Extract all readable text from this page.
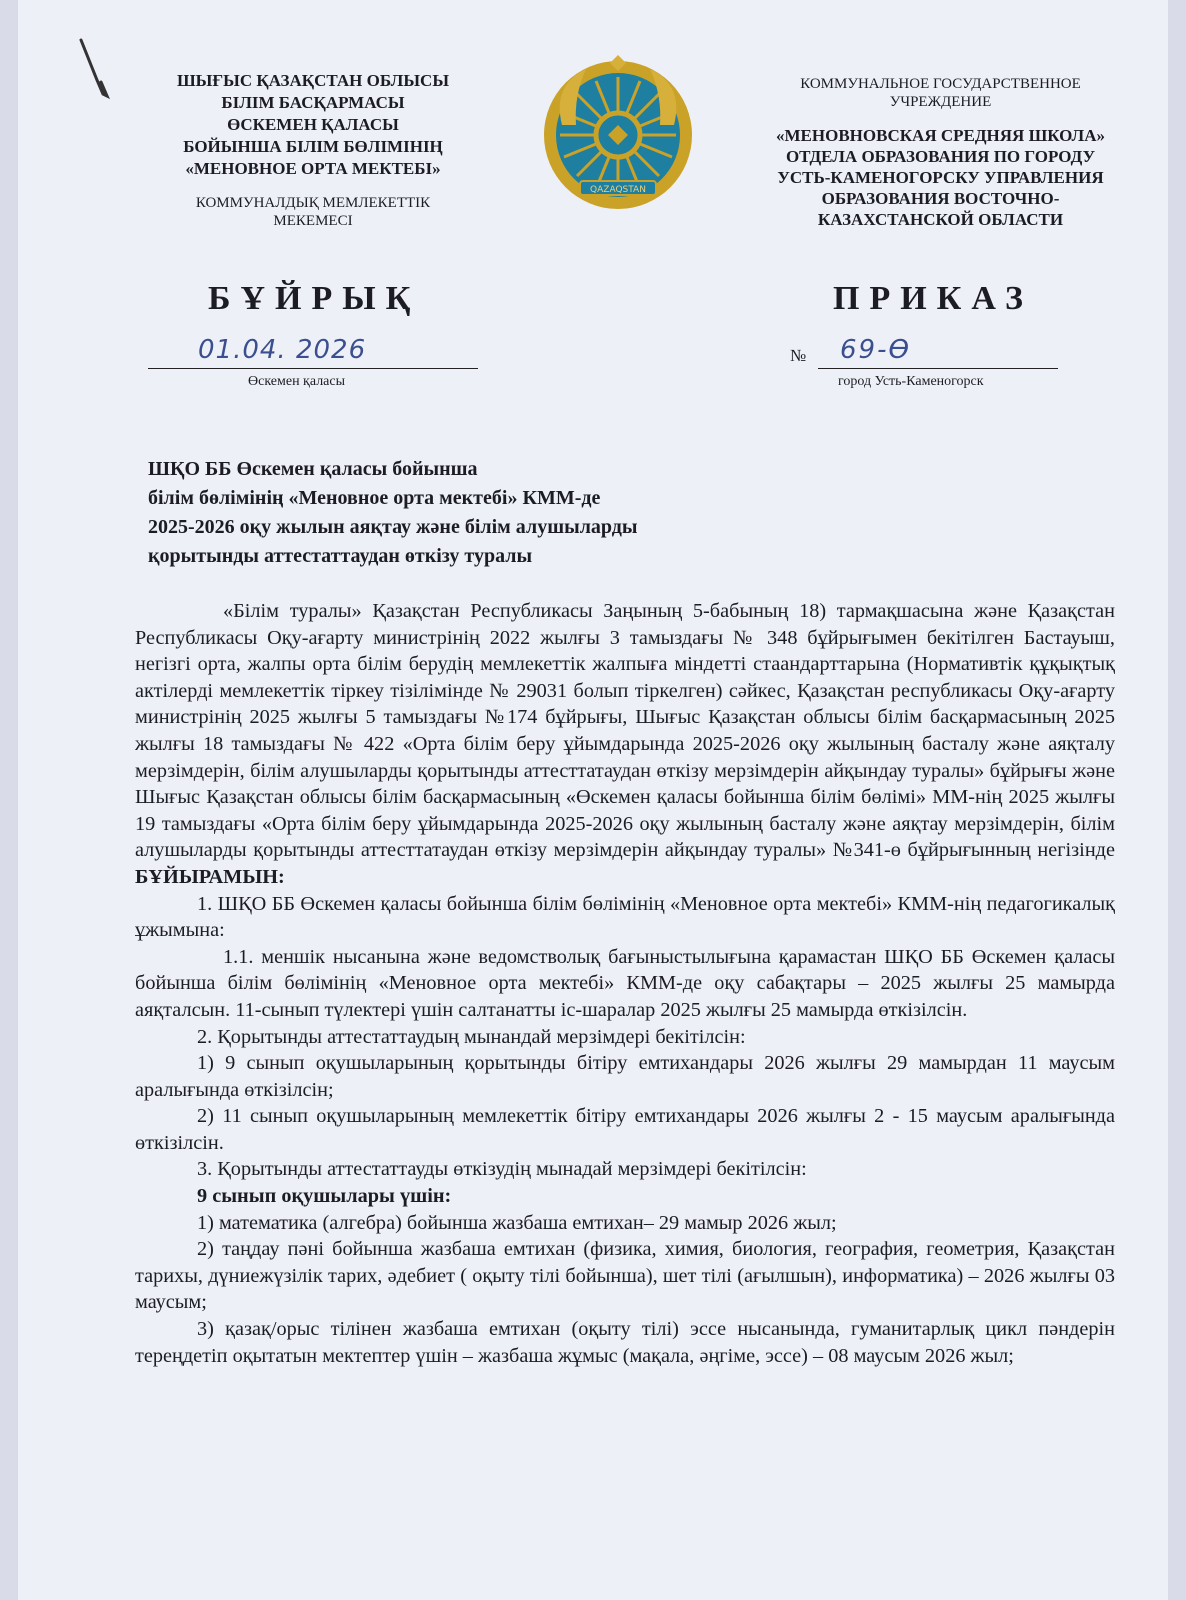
ШЫҒЫС ҚАЗАҚСТАН ОБЛЫСЫ
БІЛІМ БАСҚАРМАСЫ
ӨСКЕМЕН ҚАЛАСЫ
БОЙЫНША БІЛІМ БӨЛІМІНІҢ
«МЕНОВНОЕ ОРТА МЕКТЕБІ»
КОММУНАЛДЫҚ МЕМЛЕКЕТТІК
МЕКЕМЕСІ
QAZAQSTAN
КОММУНАЛЬНОЕ ГОСУДАРСТВЕННОЕ
УЧРЕЖДЕНИЕ
«МЕНОВНОВСКАЯ СРЕДНЯЯ ШКОЛА»
ОТДЕЛА ОБРАЗОВАНИЯ ПО ГОРОДУ
УСТЬ-КАМЕНОГОРСКУ УПРАВЛЕНИЯ
ОБРАЗОВАНИЯ ВОСТОЧНО-
КАЗАХСТАНСКОЙ ОБЛАСТИ
БҰЙРЫҚ	ПРИКАЗ
01.04. 2026
Өскемен қаласы
№ 69-Ө
город Усть-Каменогорск
ШҚО ББ Өскемен қаласы бойынша
білім бөлімінің «Меновное орта мектебі» КММ-де
2025-2026 оқу жылын аяқтау және білім алушыларды
қорытынды аттестаттаудан өткізу туралы

«Білім туралы» Қазақстан Республикасы Заңының 5-бабының 18) тармақшасына және Қазақстан Республикасы Оқу-ағарту министрінің 2022 жылғы 3 тамыздағы № 348 бұйрығымен бекітілген Бастауыш, негізгі орта, жалпы орта білім берудің мемлекеттік жалпыға міндетті стаандарттарына (Нормативтік құқықтық актілерді мемлекеттік тіркеу тізілімінде № 29031 болып тіркелген) сәйкес, Қазақстан республикасы Оқу-ағарту министрінің 2025 жылғы 5 тамыздағы №174 бұйрығы, Шығыс Қазақстан облысы білім басқармасының 2025 жылғы 18 тамыздағы № 422 «Орта білім беру ұйымдарында 2025-2026 оқу жылының басталу және аяқталу мерзімдерін, білім алушыларды қорытынды аттесттатаудан өткізу мерзімдерін айқындау туралы» бұйрығы және Шығыс Қазақстан облысы білім басқармасының «Өскемен қаласы бойынша білім бөлімі» ММ-нің 2025 жылғы 19 тамыздағы «Орта білім беру ұйымдарында 2025-2026 оқу жылының басталу және аяқтау мерзімдерін, білім алушыларды қорытынды аттесттатаудан өткізу мерзімдерін айқындау туралы» №341-ө бұйрығынның негізінде БҰЙЫРАМЫН:

1. ШҚО ББ Өскемен қаласы бойынша білім бөлімінің «Меновное орта мектебі» КММ-нің педагогикалық ұжымына:

1.1. меншік нысанына және ведомстволық бағыныстылығына қарамастан ШҚО ББ Өскемен қаласы бойынша білім бөлімінің «Меновное орта мектебі» КММ-де оқу сабақтары – 2025 жылғы 25 мамырда аяқталсын. 11-сынып түлектері үшін салтанатты іс-шаралар 2025 жылғы 25 мамырда өткізілсін.

2. Қорытынды аттестаттаудың мынандай мерзімдері бекітілсін:

1) 9 сынып оқушыларының қорытынды бітіру емтихандары 2026 жылғы 29 мамырдан 11 маусым аралығында өткізілсін;

2) 11 сынып оқушыларының мемлекеттік бітіру емтихандары 2026 жылғы 2 - 15 маусым аралығында өткізілсін.

3. Қорытынды аттестаттауды өткізудің мынадай мерзімдері бекітілсін:

9 сынып оқушылары үшін:

1) математика (алгебра) бойынша жазбаша емтихан– 29 мамыр 2026 жыл;

2) таңдау пәні бойынша жазбаша емтихан (физика, химия, биология, география, геометрия, Қазақстан тарихы, дүниежүзілік тарих, әдебиет ( оқыту тілі бойынша), шет тілі (ағылшын), информатика) – 2026 жылғы 03 маусым;

3) қазақ/орыс тілінен жазбаша емтихан (оқыту тілі) эссе нысанында, гуманитарлық цикл пәндерін тереңдетіп оқытатын мектептер үшін – жазбаша жұмыс (мақала, әңгіме, эссе) – 08 маусым 2026 жыл;
